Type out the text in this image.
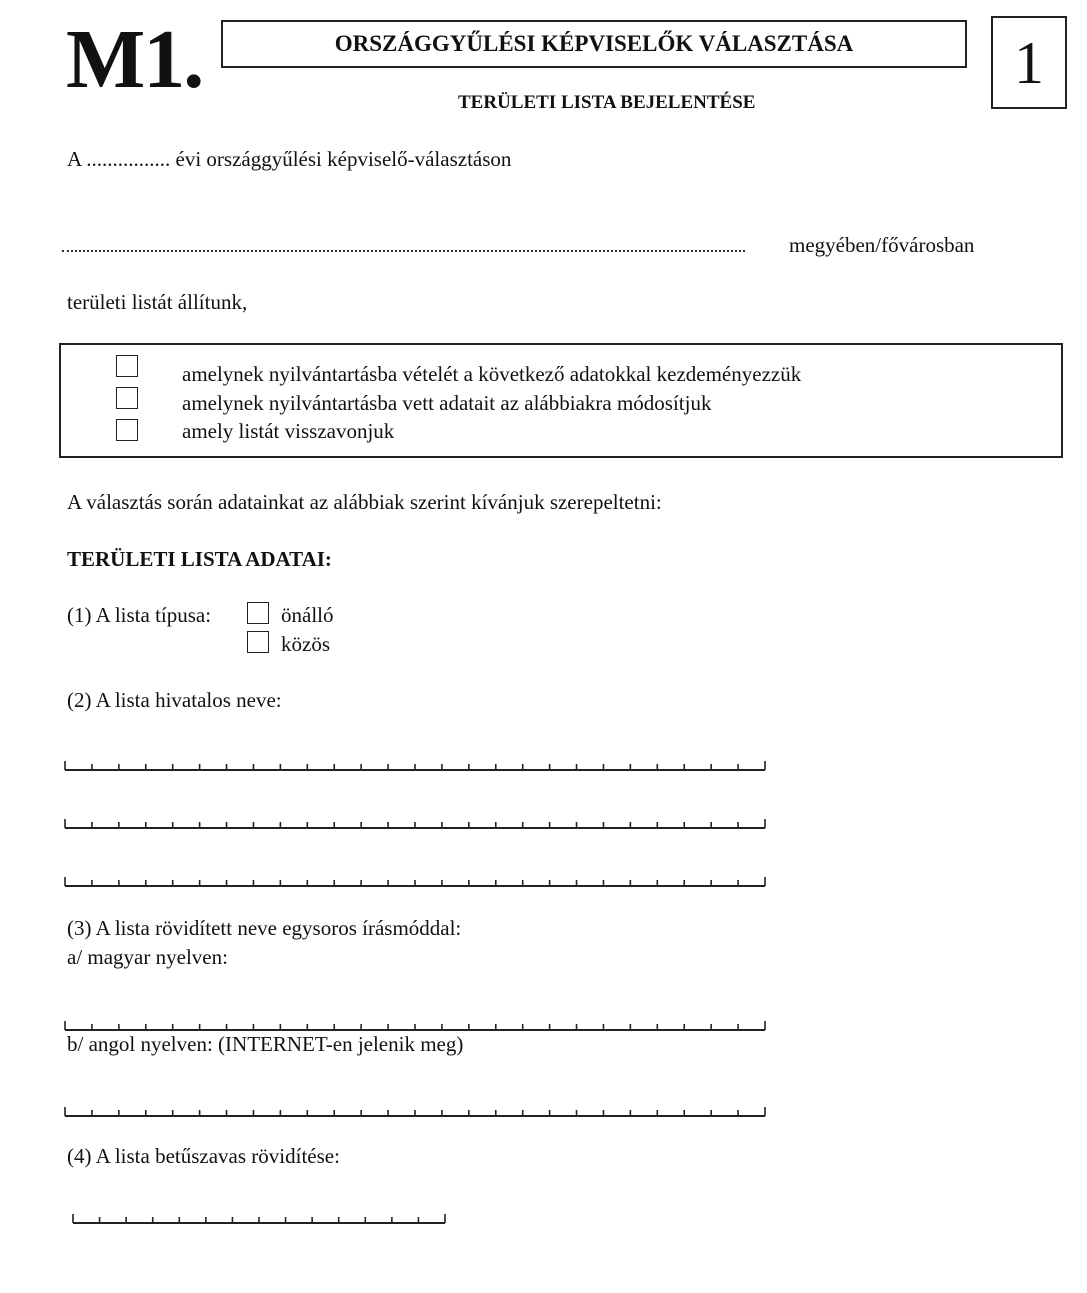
M1.	ORSZÁGGYŰLÉSI KÉPVISELŐK VÁLASZTÁSA	1
TERÜLETI LISTA BEJELENTÉSE
A ................ évi országgyűlési képviselő-választáson
megyében/fővárosban
területi listát állítunk,
amelynek nyilvántartásba vételét a következő adatokkal kezdeményezzük
amelynek nyilvántartásba vett adatait az alábbiakra módosítjuk
amely listát visszavonjuk
A választás során adatainkat az alábbiak szerint kívánjuk szerepeltetni:
TERÜLETI LISTA ADATAI:
(1) A lista típusa:	önálló
közös
(2) A lista hivatalos neve:
(3) A lista rövidített neve egysoros írásmóddal:
a/ magyar nyelven:
b/ angol nyelven: (INTERNET-en jelenik meg)
(4) A lista betűszavas rövidítése:
